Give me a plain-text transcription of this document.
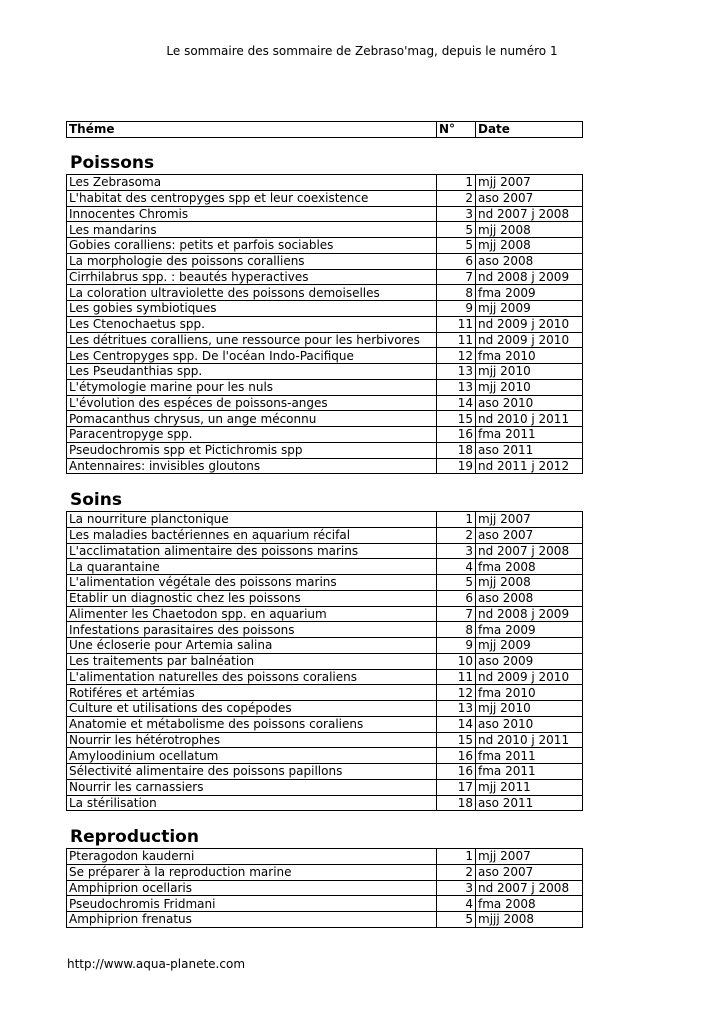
Le sommaire des sommaire de Zebraso'mag, depuis le numéro 1
Théme	N°	Date
Poissons
Les Zebrasoma	1	mjj 2007
L'habitat des centropyges spp et leur coexistence	2	aso 2007
Innocentes Chromis	3	nd 2007 j 2008
Les mandarins	5	mjj 2008
Gobies coralliens: petits et parfois sociables	5	mjj 2008
La morphologie des poissons coralliens	6	aso 2008
Cirrhilabrus spp. : beautés hyperactives	7	nd 2008 j 2009
La coloration ultraviolette des poissons demoiselles	8	fma 2009
Les gobies symbiotiques	9	mjj 2009
Les Ctenochaetus spp.	11	nd 2009 j 2010
Les détritues coralliens, une ressource pour les herbivores	11	nd 2009 j 2010
Les Centropyges spp. De l'océan Indo-Pacifique	12	fma 2010
Les Pseudanthias spp.	13	mjj 2010
L'étymologie marine pour les nuls	13	mjj 2010
L'évolution des espéces de poissons-anges	14	aso 2010
Pomacanthus chrysus, un ange méconnu	15	nd 2010 j 2011
Paracentropyge spp.	16	fma 2011
Pseudochromis spp et Pictichromis spp	18	aso 2011
Antennaires: invisibles gloutons	19	nd 2011 j 2012
Soins
La nourriture planctonique	1	mjj 2007
Les maladies bactériennes en aquarium récifal	2	aso 2007
L'acclimatation alimentaire des poissons marins	3	nd 2007 j 2008
La quarantaine	4	fma 2008
L'alimentation végétale des poissons marins	5	mjj 2008
Etablir un diagnostic chez les poissons	6	aso 2008
Alimenter les Chaetodon spp. en aquarium	7	nd 2008 j 2009
Infestations parasitaires des poissons	8	fma 2009
Une écloserie pour Artemia salina	9	mjj 2009
Les traitements par balnéation	10	aso 2009
L'alimentation naturelles des poissons coraliens	11	nd 2009 j 2010
Rotiféres et artémias	12	fma 2010
Culture et utilisations des copépodes	13	mjj 2010
Anatomie et métabolisme des poissons coraliens	14	aso 2010
Nourrir les hétérotrophes	15	nd 2010 j 2011
Amyloodinium ocellatum	16	fma 2011
Sélectivité alimentaire des poissons papillons	16	fma 2011
Nourrir les carnassiers	17	mjj 2011
La stérilisation	18	aso 2011
Reproduction
Pteragodon kauderni	1	mjj 2007
Se préparer à la reproduction marine	2	aso 2007
Amphiprion ocellaris	3	nd 2007 j 2008
Pseudochromis Fridmani	4	fma 2008
Amphiprion frenatus	5	mjjj 2008
http://www.aqua-planete.com
